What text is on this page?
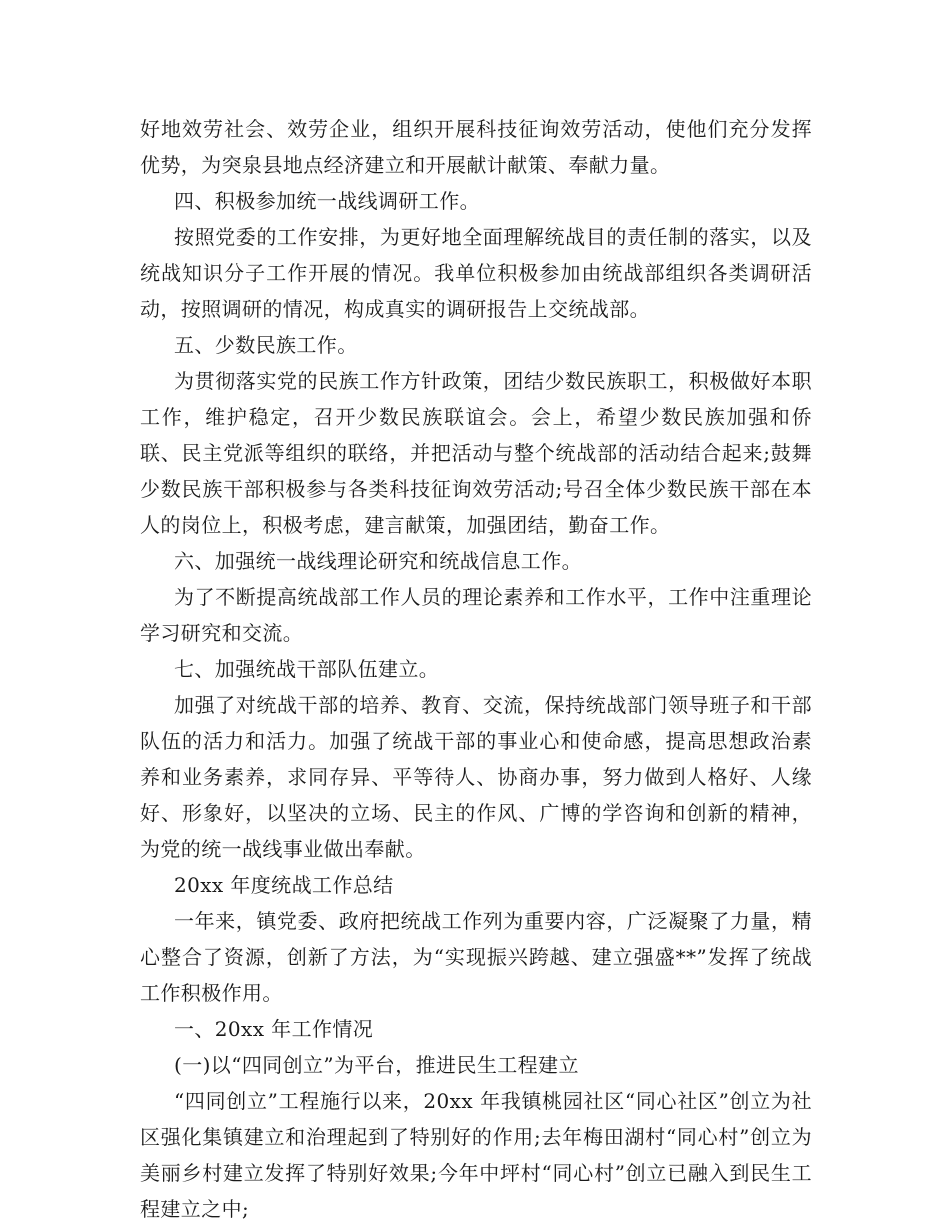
好地效劳社会、效劳企业，组织开展科技征询效劳活动，使他们充分发挥优势，为突泉县地点经济建立和开展献计献策、奉献力量。

四、积极参加统一战线调研工作。

按照党委的工作安排，为更好地全面理解统战目的责任制的落实，以及统战知识分子工作开展的情况。我单位积极参加由统战部组织各类调研活动，按照调研的情况，构成真实的调研报告上交统战部。

五、少数民族工作。

为贯彻落实党的民族工作方针政策，团结少数民族职工，积极做好本职工作，维护稳定，召开少数民族联谊会。会上，希望少数民族加强和侨联、民主党派等组织的联络，并把活动与整个统战部的活动结合起来;鼓舞少数民族干部积极参与各类科技征询效劳活动;号召全体少数民族干部在本人的岗位上，积极考虑，建言献策，加强团结，勤奋工作。

六、加强统一战线理论研究和统战信息工作。

为了不断提高统战部工作人员的理论素养和工作水平，工作中注重理论学习研究和交流。

七、加强统战干部队伍建立。

加强了对统战干部的培养、教育、交流，保持统战部门领导班子和干部队伍的活力和活力。加强了统战干部的事业心和使命感，提高思想政治素养和业务素养，求同存异、平等待人、协商办事，努力做到人格好、人缘好、形象好，以坚决的立场、民主的作风、广博的学咨询和创新的精神，为党的统一战线事业做出奉献。

20xx 年度统战工作总结

一年来，镇党委、政府把统战工作列为重要内容，广泛凝聚了力量，精心整合了资源，创新了方法，为“实现振兴跨越、建立强盛**”发挥了统战工作积极作用。

一、20xx 年工作情况

(一)以“四同创立”为平台，推进民生工程建立

“四同创立”工程施行以来，20xx 年我镇桃园社区“同心社区”创立为社区强化集镇建立和治理起到了特别好的作用;去年梅田湖村“同心村”创立为美丽乡村建立发挥了特别好效果;今年中坪村“同心村”创立已融入到民生工程建立之中;
